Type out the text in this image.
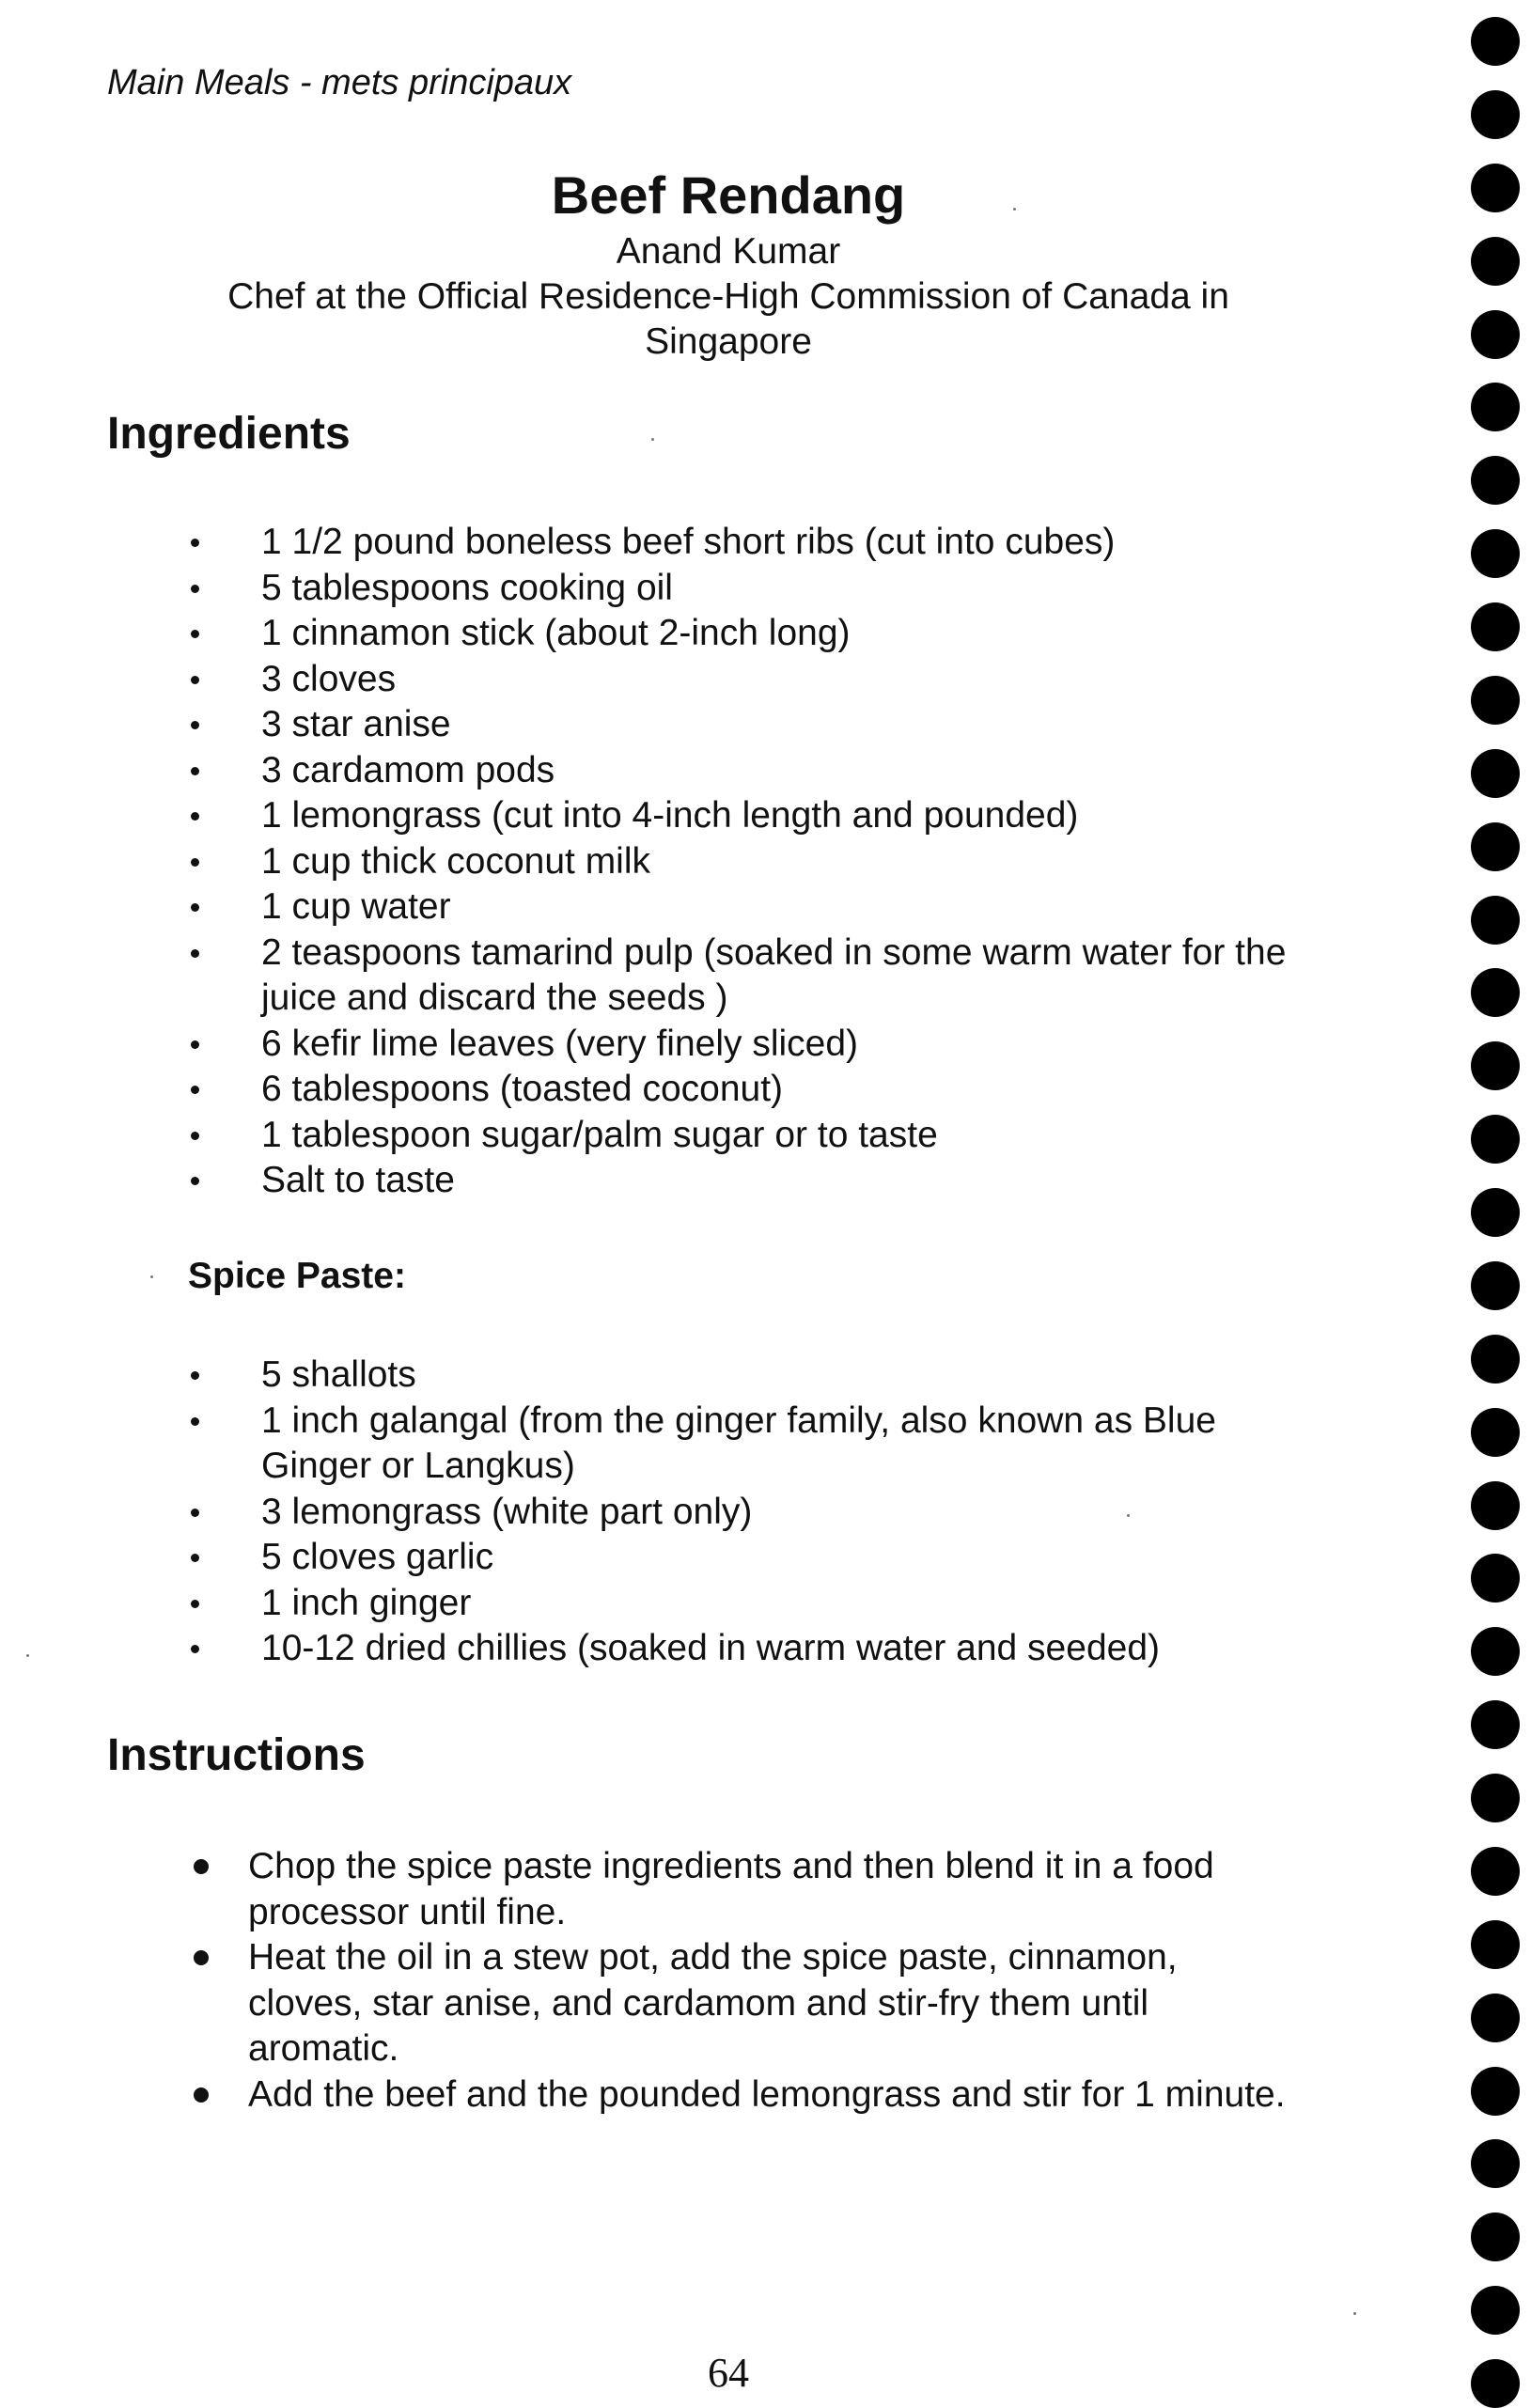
Main Meals - mets principaux
Beef Rendang
Anand Kumar
Chef at the Official Residence-High Commission of Canada in
Singapore
Ingredients
1 1/2 pound boneless beef short ribs (cut into cubes)
5 tablespoons cooking oil
1 cinnamon stick (about 2-inch long)
3 cloves
3 star anise
3 cardamom pods
1 lemongrass (cut into 4-inch length and pounded)
1 cup thick coconut milk
1 cup water
2 teaspoons tamarind pulp (soaked in some warm water for the juice and discard the seeds )
6 kefir lime leaves (very finely sliced)
6 tablespoons (toasted coconut)
1 tablespoon sugar/palm sugar or to taste
Salt to taste
Spice Paste:
5 shallots
1 inch galangal (from the ginger family, also known as Blue Ginger or Langkus)
3 lemongrass (white part only)
5 cloves garlic
1 inch ginger
10-12 dried chillies (soaked in warm water and seeded)
Instructions
Chop the spice paste ingredients and then blend it in a food processor until fine.
Heat the oil in a stew pot, add the spice paste, cinnamon, cloves, star anise, and cardamom and stir-fry them until aromatic.
Add the beef and the pounded lemongrass and stir for 1 minute.
64
